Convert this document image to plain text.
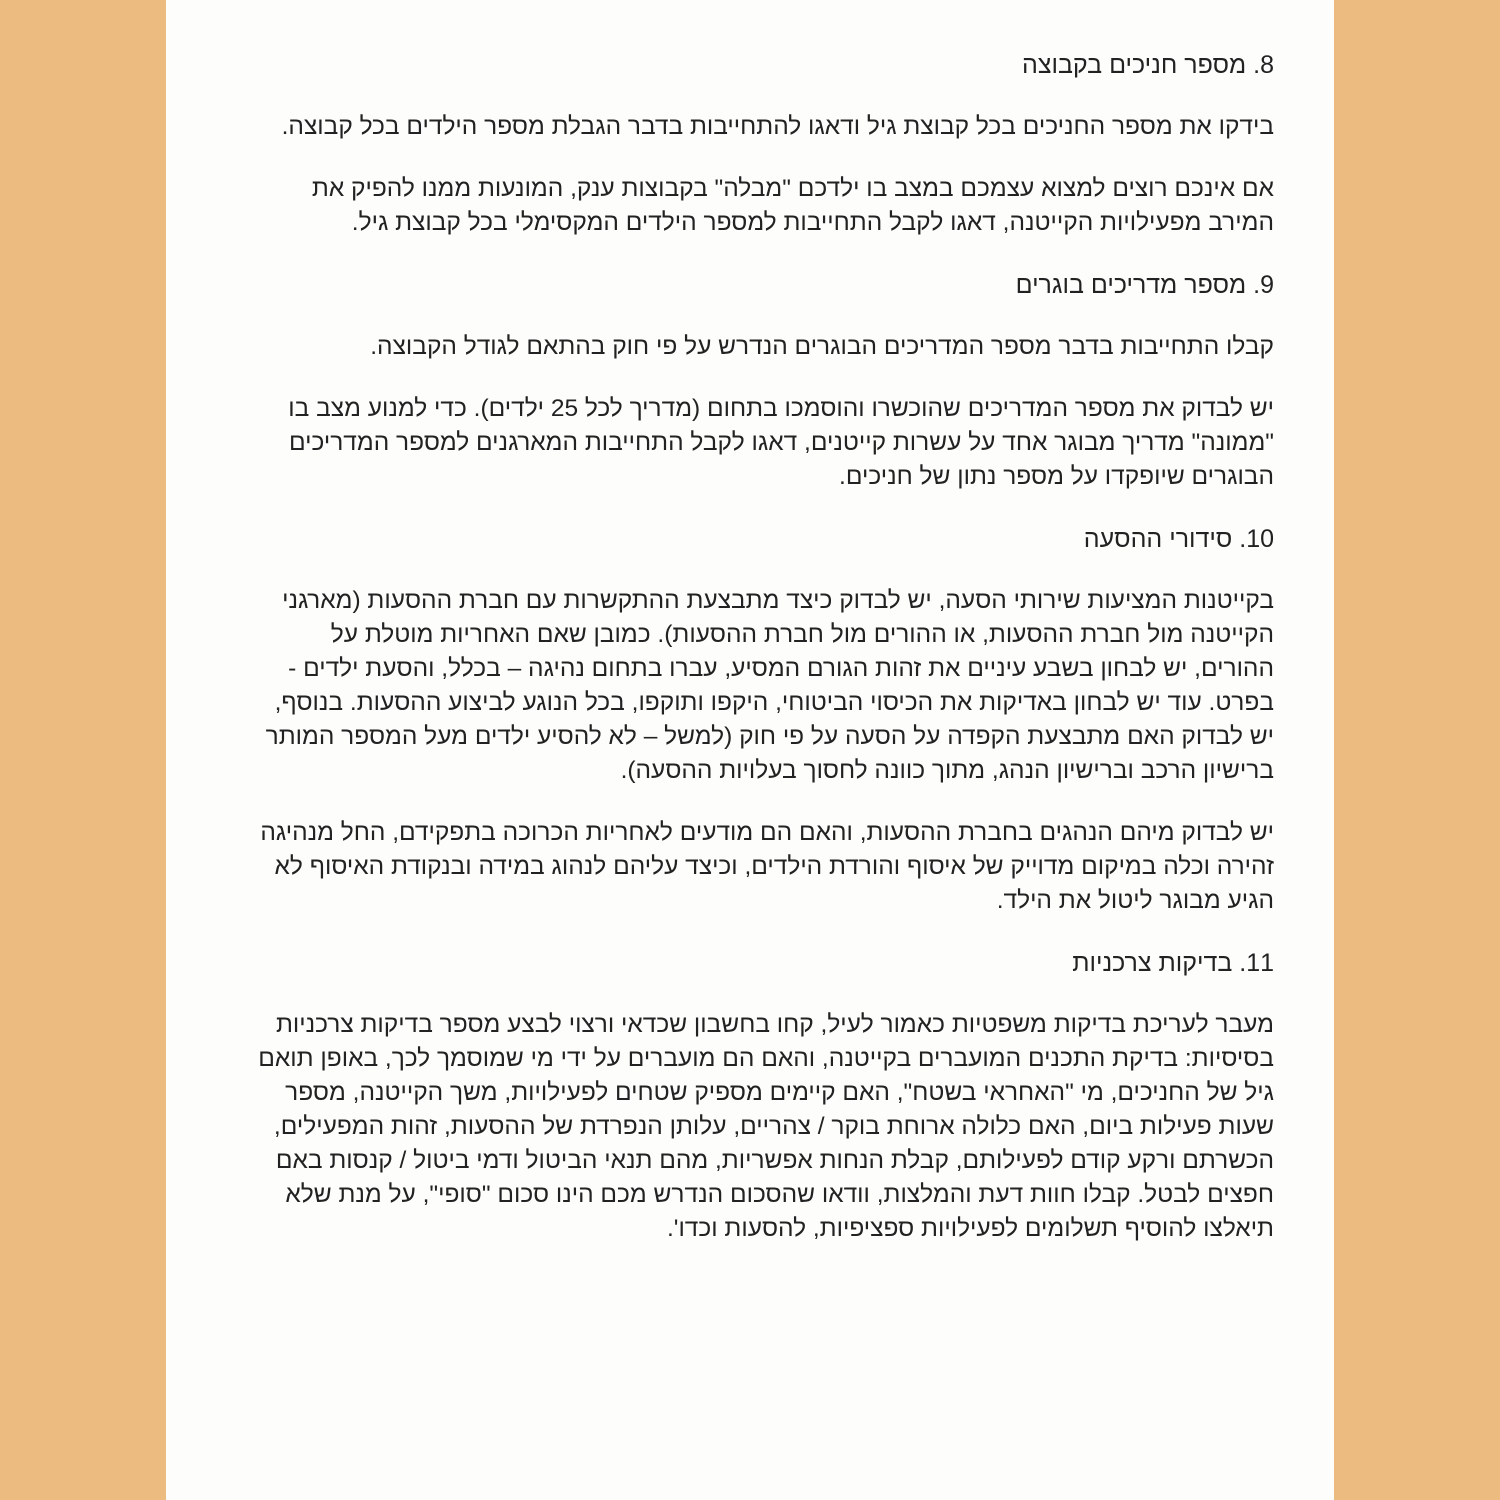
8. מספר חניכים בקבוצה

בידקו את מספר החניכים בכל קבוצת גיל ודאגו להתחייבות בדבר הגבלת מספר הילדים בכל קבוצה.

אם אינכם רוצים למצוא עצמכם במצב בו ילדכם "מבלה" בקבוצות ענק, המונעות ממנו להפיק את המירב מפעילויות הקייטנה, דאגו לקבל התחייבות למספר הילדים המקסימלי בכל קבוצת גיל.

9. מספר מדריכים בוגרים

קבלו התחייבות בדבר מספר המדריכים הבוגרים הנדרש על פי חוק בהתאם לגודל הקבוצה.

יש לבדוק את מספר המדריכים שהוכשרו והוסמכו בתחום (מדריך לכל 25 ילדים). כדי למנוע מצב בו "ממונה" מדריך מבוגר אחד על עשרות קייטנים, דאגו לקבל התחייבות המארגנים למספר המדריכים הבוגרים שיופקדו על מספר נתון של חניכים.

10. סידורי ההסעה

בקייטנות המציעות שירותי הסעה, יש לבדוק כיצד מתבצעת ההתקשרות עם חברת ההסעות (מארגני הקייטנה מול חברת ההסעות, או ההורים מול חברת ההסעות). כמובן שאם האחריות מוטלת על ההורים, יש לבחון בשבע עיניים את זהות הגורם המסיע, עברו בתחום נהיגה – בכלל, והסעת ילדים - בפרט. עוד יש לבחון באדיקות את הכיסוי הביטוחי, היקפו ותוקפו, בכל הנוגע לביצוע ההסעות. בנוסף, יש לבדוק האם מתבצעת הקפדה על הסעה על פי חוק (למשל – לא להסיע ילדים מעל המספר המותר ברישיון הרכב וברישיון הנהג, מתוך כוונה לחסוך בעלויות ההסעה).

יש לבדוק מיהם הנהגים בחברת ההסעות, והאם הם מודעים לאחריות הכרוכה בתפקידם, החל מנהיגה זהירה וכלה במיקום מדוייק של איסוף והורדת הילדים, וכיצד עליהם לנהוג במידה ובנקודת האיסוף לא הגיע מבוגר ליטול את הילד.

11. בדיקות צרכניות

מעבר לעריכת בדיקות משפטיות כאמור לעיל, קחו בחשבון שכדאי ורצוי לבצע מספר בדיקות צרכניות בסיסיות: בדיקת התכנים המועברים בקייטנה, והאם הם מועברים על ידי מי שמוסמך לכך, באופן תואם גיל של החניכים, מי "האחראי בשטח", האם קיימים מספיק שטחים לפעילויות, משך הקייטנה, מספר שעות פעילות ביום, האם כלולה ארוחת בוקר / צהריים, עלותן הנפרדת של ההסעות, זהות המפעילים, הכשרתם ורקע קודם לפעילותם, קבלת הנחות אפשריות, מהם תנאי הביטול ודמי ביטול / קנסות באם חפצים לבטל. קבלו חוות דעת והמלצות, וודאו שהסכום הנדרש מכם הינו סכום "סופי", על מנת שלא תיאלצו להוסיף תשלומים לפעילויות ספציפיות, להסעות וכדו'.
